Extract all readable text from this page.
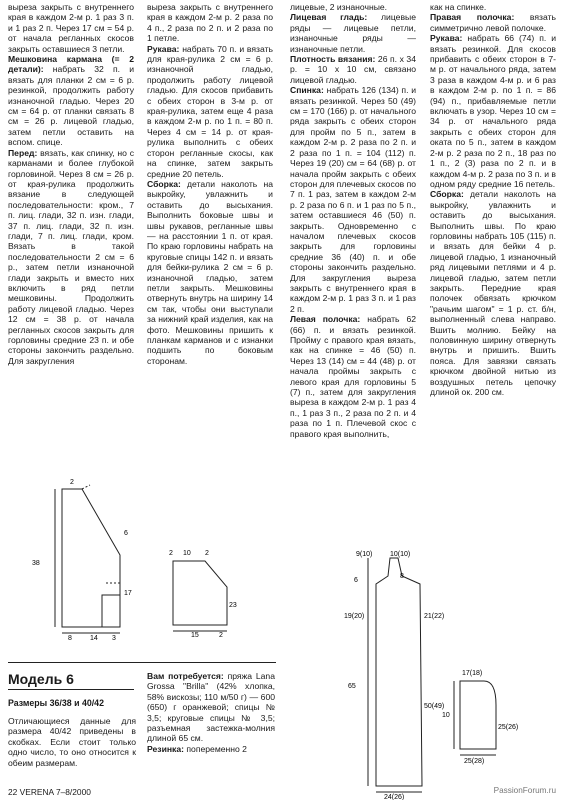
вырезa закрыть с внутреннего края в каждом 2-м р. 1 раз 3 п. и 1 раз 2 п. Через 17 см = 54 р. от начала регланных скосов закрыть оставшиеся 3 петли.

Мешковина кармана (= 2 детали): набрать 32 п. и вязать для планки 2 см = 6 р. резинкой, продолжить работу изнаночной гладью. Через 20 см = 64 р. от планки связать 8 см = 26 р. лицевой гладью, затем петли оставить на вспом. спице.

Перед: вязать, как спинку, но с карманами и более глубокой горловиной. Через 8 см = 26 р. от края-рулика продолжить вязание в следующей последовательности: кром., 7 п. лиц. глади, 32 п. изн. глади, 37 п. лиц. глади, 32 п. изн. глади, 7 п. лиц. глади, кром. Вязать в такой последовательности 2 см = 6 р., затем петли изнаночной глади закрыть и вместо них включить в ряд петли мешковины. Продолжить работу лицевой гладью. Через 12 см = 38 р. от начала регланных скосов закрыть для горловины средние 23 п. и обе стороны закончить раздельно. Для закругления

вырезa закрыть с внутреннего края в каждом 2-м р. 2 раза по 4 п., 2 раза по 2 п. и 2 раза по 1 петле.

Рукава: набрать 70 п. и вязать для края-рулика 2 см = 6 р. изнаночной гладью, продолжить работу лицевой гладью. Для скосов прибавить с обеих сторон в 3-м р. от края-рулика, затем еще 4 раза в каждом 2-м р. по 1 п. = 80 п. Через 4 см = 14 р. от края-рулика выполнить с обеих сторон регланные скосы, как на спинке, затем закрыть средние 20 петель.

Сборка: детали наколоть на выкройку, увлажнить и оставить до высыхания. Выполнить боковые швы и швы рукавов, регланные швы — на расстоянии 1 п. от края. По краю горловины набрать на круговые спицы 142 п. и вязать для бейки-рулика 2 см = 6 р. изнаночной гладью, затем петли закрыть. Мешковины отвернуть внутрь на ширину 14 см так, чтобы они выступали за нижний край изделия, как на фото. Мешковины пришить к планкам карманов и с изнанки подшить по боковым сторонам.

лицевые, 2 изнаночные.

Лицевая гладь: лицевые ряды — лицевые петли, изнаночные ряды — изнаночные петли.

Плотность вязания: 26 п. х 34 р. = 10 х 10 см, связано лицевой гладью.

Спинка: набрать 126 (134) п. и вязать резинкой. Через 50 (49) см = 170 (166) р. от начального ряда закрыть с обеих сторон для пройм по 5 п., затем в каждом 2-м р. 2 раза по 2 п. и 2 раза по 1 п. = 104 (112) п. Через 19 (20) см = 64 (68) р. от начала пройм закрыть с обеих сторон для плечевых скосов по 7 п. 1 раз, затем в каждом 2-м р. 2 раза по 6 п. и 1 раз по 5 п., затем оставшиеся 46 (50) п. закрыть. Одновременно с началом плечевых скосов закрыть для горловины средние 36 (40) п. и обе стороны закончить раздельно. Для закругления вырезa закрыть с внутреннего края в каждом 2-м р. 1 раз 3 п. и 1 раз 2 п.

Левая полочка: набрать 62 (66) п. и вязать резинкой. Пройму с правого края вязать, как на спинке = 46 (50) п. Через 13 (14) см = 44 (48) р. от начала проймы закрыть с левого края для горловины 5 (7) п., затем для закругления вырезa в каждом 2-м р. 1 раз 4 п., 1 раз 3 п., 2 раза по 2 п. и 4 раза по 1 п. Плечевой скос с правого края выполнить,

как на спинке.

Правая полочка: вязать симметрично левой полочке.

Рукава: набрать 66 (74) п. и вязать резинкой. Для скосов прибавить с обеих сторон в 7-м р. от начального ряда, затем 3 раза в каждом 4-м р. и 6 раз в каждом 2-м р. по 1 п. = 86 (94) п., прибавляемые петли включать в узор. Через 10 см = 34 р. от начального ряда закрыть с обеих сторон для оката по 5 п., затем в каждом 2-м р. 2 раза по 2 п., 18 раз по 1 п., 2 (3) раза по 2 п. и в каждом 4-м р. 2 раза по 3 п. и в одном ряду средние 16 петель.

Сборка: детали наколоть на выкройку, увлажнить и оставить до высыхания. Выполнить швы. По краю горловины набрать 105 (115) п. и вязать для бейки 4 р. лицевой гладью, 1 изнаночный ряд лицевыми петлями и 4 р. лицевой гладью, затем петли закрыть. Передние края полочек обвязать крючком "рачьим шагом" = 1 р. ст. б/н, выполненный слева направо. Вшить молнию. Бейку на половинную ширину отвернуть внутрь и пришить. Вшить пояса. Для завязки связать крючком двойной нитью из воздушных петель цепочку длиной ок. 200 см.

38
2
6
17
8	14 3
2 10 2
23
15	2
9(10)	10(10)
6
19(20)	21(22)
65
50(49)
8
24(26)
17(18)
25(26)
10
25(28)
Модель 6
Размеры 36/38 и 40/42
Отличающиеся данные для размера 40/42 приведены в скобках. Если стоит только одно число, то оно относится к обеим размерам.
Вам потребуется: пряжа Lana Grossa "Brilla" (42% хлопка, 58% вискозы; 110 м/50 г) — 600 (650) г оранжевой; спицы № 3,5; круговые спицы № 3,5; разъемная застежка-молния длиной 65 см.
Резинка: попеременно 2
22 VERENA 7–8/2000	PassionForum.ru
